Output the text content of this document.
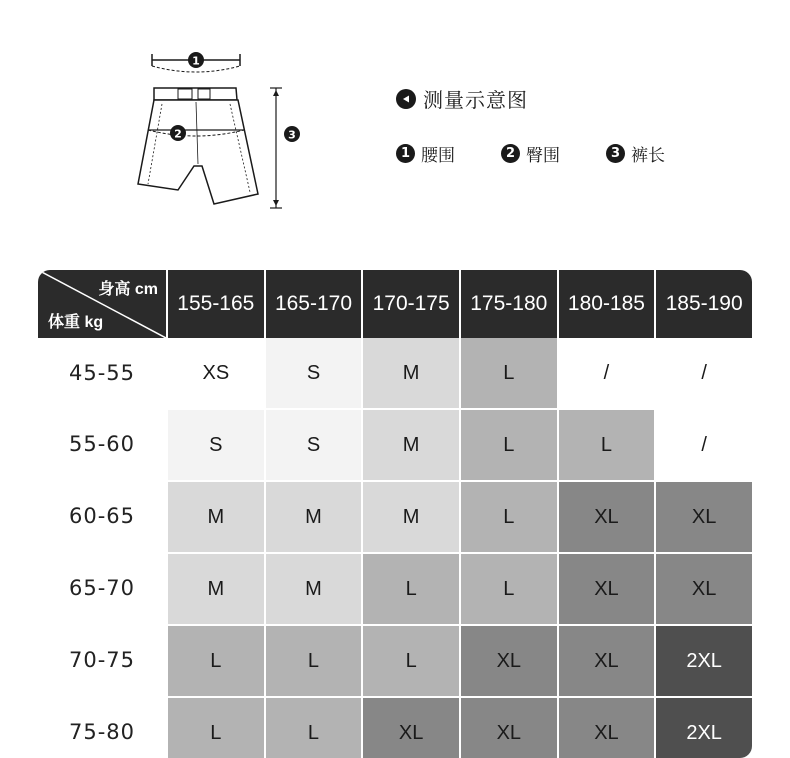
1
2	3
测量示意图
1 腰围	2 臀围	3 裤长
身高 cm
体重 kg	155-165	165-170	170-175	175-180	180-185	185-190
45-55	XS	S	M	L	/	/
55-60	S	S	M	L	L	/
60-65	M	M	M	L	XL	XL
65-70	M	M	L	L	XL	XL
70-75	L	L	L	XL	XL	2XL
75-80	L	L	XL	XL	XL	2XL
